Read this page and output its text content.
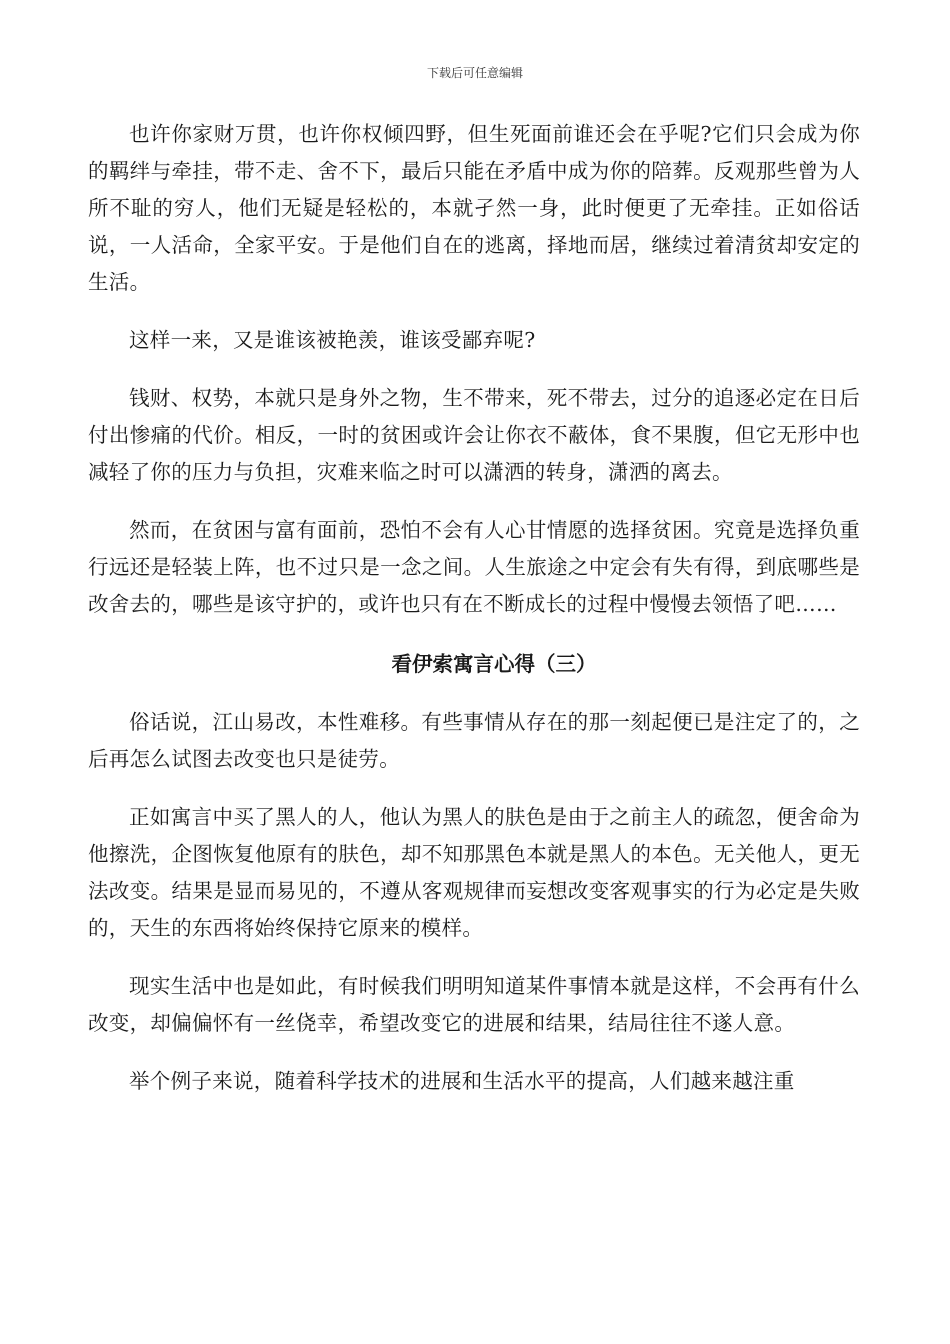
下载后可任意编辑

也许你家财万贯，也许你权倾四野，但生死面前谁还会在乎呢?它们只会成为你的羁绊与牵挂，带不走、舍不下，最后只能在矛盾中成为你的陪葬。反观那些曾为人所不耻的穷人，他们无疑是轻松的，本就孑然一身，此时便更了无牵挂。正如俗话说，一人活命，全家平安。于是他们自在的逃离，择地而居，继续过着清贫却安定的生活。

这样一来，又是谁该被艳羡，谁该受鄙弃呢?

钱财、权势，本就只是身外之物，生不带来，死不带去，过分的追逐必定在日后付出惨痛的代价。相反，一时的贫困或许会让你衣不蔽体，食不果腹，但它无形中也减轻了你的压力与负担，灾难来临之时可以潇洒的转身，潇洒的离去。

然而，在贫困与富有面前，恐怕不会有人心甘情愿的选择贫困。究竟是选择负重行远还是轻装上阵，也不过只是一念之间。人生旅途之中定会有失有得，到底哪些是改舍去的，哪些是该守护的，或许也只有在不断成长的过程中慢慢去领悟了吧……

看伊索寓言心得（三）

俗话说，江山易改，本性难移。有些事情从存在的那一刻起便已是注定了的，之后再怎么试图去改变也只是徒劳。

正如寓言中买了黑人的人，他认为黑人的肤色是由于之前主人的疏忽，便舍命为他擦洗，企图恢复他原有的肤色，却不知那黑色本就是黑人的本色。无关他人，更无法改变。结果是显而易见的，不遵从客观规律而妄想改变客观事实的行为必定是失败的，天生的东西将始终保持它原来的模样。

现实生活中也是如此，有时候我们明明知道某件事情本就是这样，不会再有什么改变，却偏偏怀有一丝侥幸，希望改变它的进展和结果，结局往往不遂人意。

举个例子来说，随着科学技术的进展和生活水平的提高，人们越来越注重
